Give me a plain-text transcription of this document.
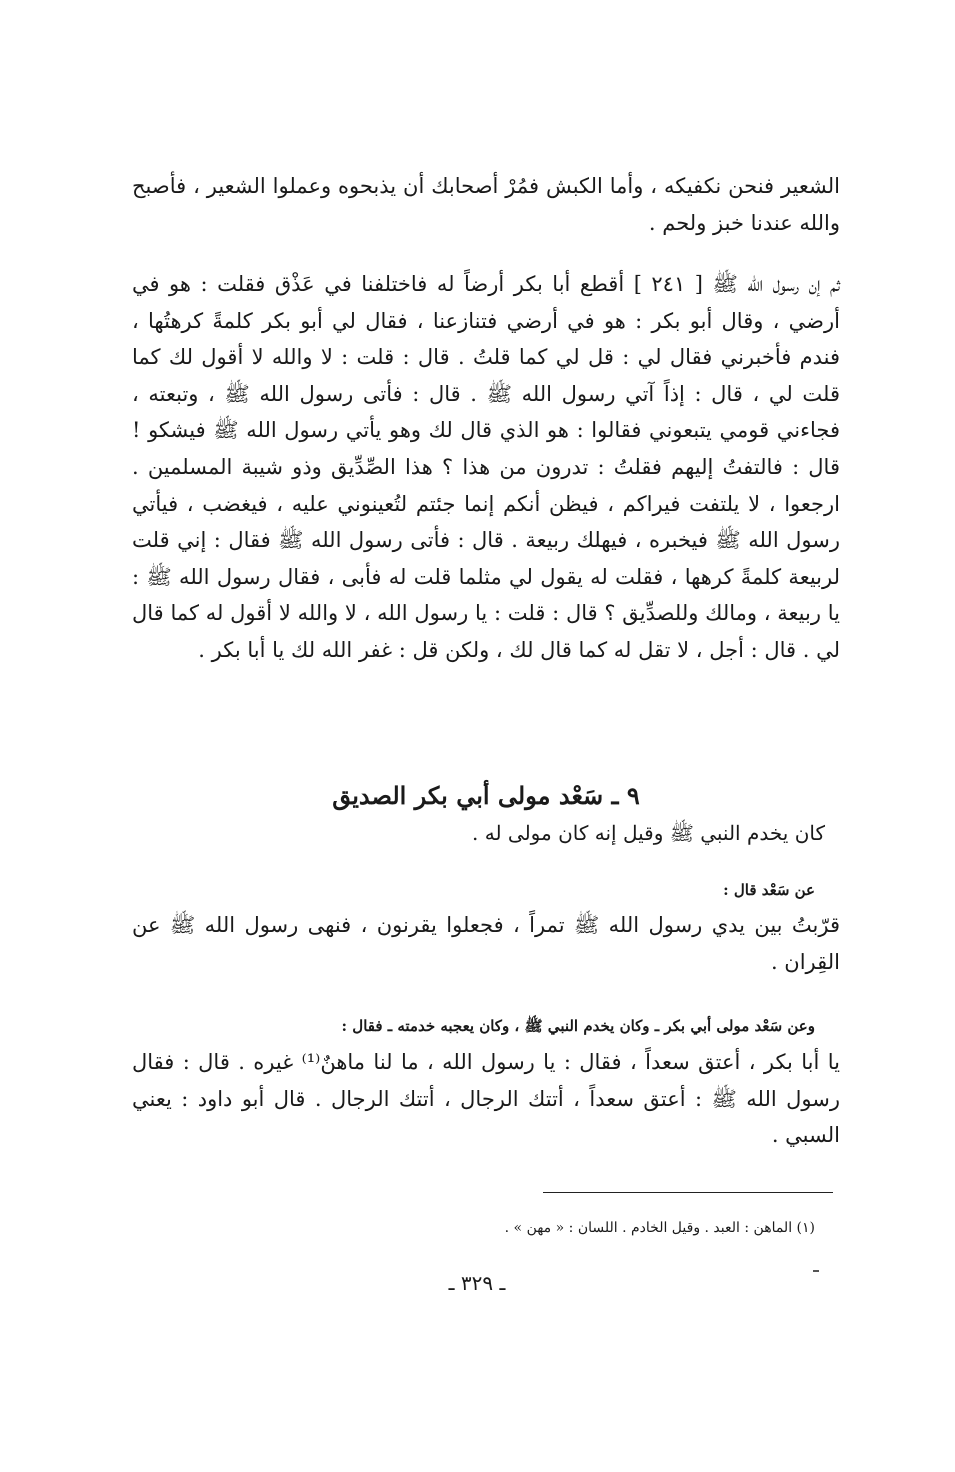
الشعير فنحن نكفيكه ، وأما الكبش فمُرْ أصحابك أن يذبحوه وعملوا الشعير ، فأصبح والله عندنا خبز ولحم .

ثم إن رسول الله ﷺ [ ٢٤١ ] أقطع أبا بكر أرضاً له فاختلفنا في عَذْق فقلت : هو في أرضي ، وقال أبو بكر : هو في أرضي فتنازعنا ، فقال لي أبو بكر كلمةً كرهتُها ، فندم فأخبرني فقال لي : قل لي كما قلتُ . قال : قلت : لا والله لا أقول لك كما قلت لي ، قال : إذاً آتي رسول الله ﷺ . قال : فأتى رسول الله ﷺ ، وتبعته ، فجاءني قومي يتبعوني فقالوا : هو الذي قال لك وهو يأتي رسول الله ﷺ فيشكو ! قال : فالتفتُ إليهم فقلتُ : تدرون من هذا ؟ هذا الصِّدِّيق وذو شيبة المسلمين . ارجعوا ، لا يلتفت فيراكم ، فيظن أنكم إنما جئتم لتُعينوني عليه ، فيغضب ، فيأتي رسول الله ﷺ فيخبره ، فيهلك ربيعة . قال : فأتى رسول الله ﷺ فقال : إني قلت لربيعة كلمةً كرهها ، فقلت له يقول لي مثلما قلت له فأبى ، فقال رسول الله ﷺ : يا ربيعة ، ومالك وللصدِّيق ؟ قال : قلت : يا رسول الله ، لا والله لا أقول له كما قال لي . قال : أجل ، لا تقل له كما قال لك ، ولكن قل : غفر الله لك يا أبا بكر .

٩ ـ سَعْد مولى أبي بكر الصديق

كان يخدم النبي ﷺ وقيل إنه كان مولى له .

عن سَعْد قال :

قرّبتُ بين يدي رسول الله ﷺ تمراً ، فجعلوا يقرنون ، فنهى رسول الله ﷺ عن القِران .

وعن سَعْد مولى أبي بكر ـ وكان يخدم النبي ﷺ ، وكان يعجبه خدمته ـ فقال :

يا أبا بكر ، أعتق سعداً ، فقال : يا رسول الله ، ما لنا ماهنٌ⁽¹⁾ غيره . قال : فقال رسول الله ﷺ : أعتق سعداً ، أتتك الرجال ، أتتك الرجال . قال أبو داود : يعني السبي .

(١) الماهن : العبد . وقيل الخادم . اللسان : « مهن » .

ـ ٣٢٩ ـ
